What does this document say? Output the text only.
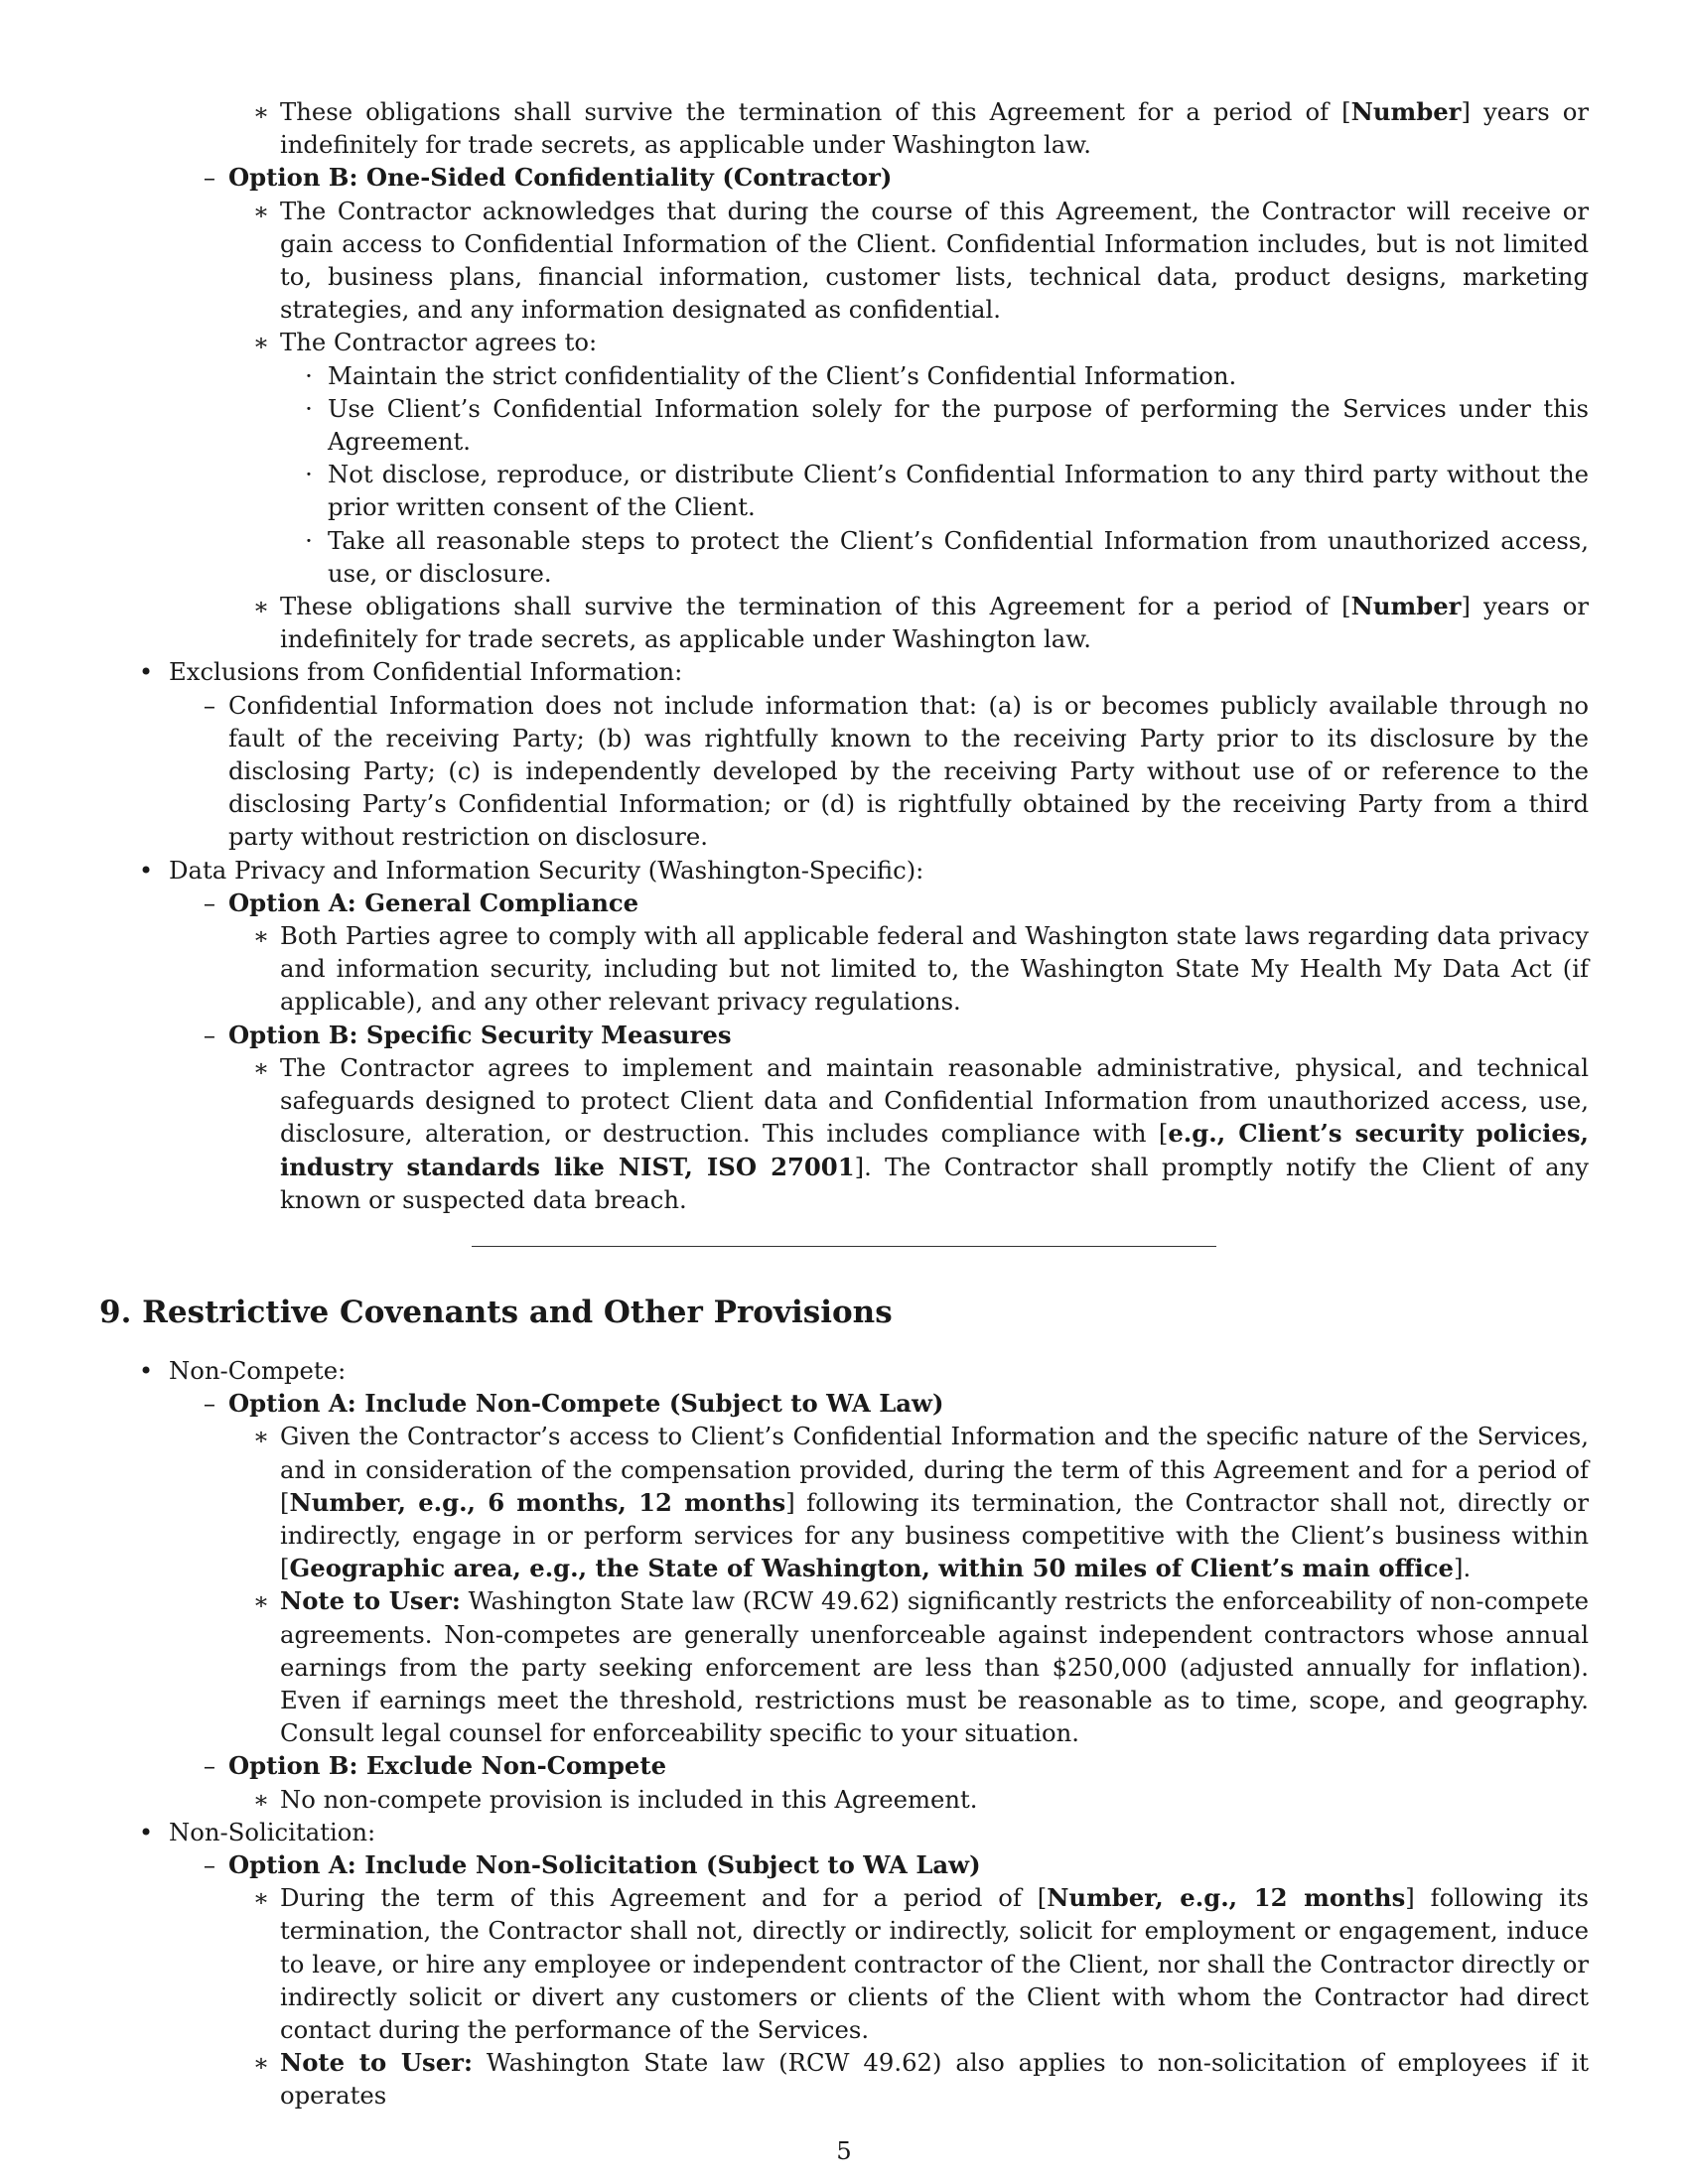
∗ These obligations shall survive the termination of this Agreement for a period of [Number] years or indefinitely for trade secrets, as applicable under Washington law.

– Option B: One-Sided Confidentiality (Contractor)

∗ The Contractor acknowledges that during the course of this Agreement, the Contractor will receive or gain access to Confidential Information of the Client. Confidential Information includes, but is not limited to, business plans, financial information, customer lists, technical data, product designs, marketing strategies, and any information designated as confidential.

∗ The Contractor agrees to:

· Maintain the strict confidentiality of the Client’s Confidential Information.

· Use Client’s Confidential Information solely for the purpose of performing the Services under this Agreement.

· Not disclose, reproduce, or distribute Client’s Confidential Information to any third party without the prior written consent of the Client.

· Take all reasonable steps to protect the Client’s Confidential Information from unauthorized access, use, or disclosure.

∗ These obligations shall survive the termination of this Agreement for a period of [Number] years or indefinitely for trade secrets, as applicable under Washington law.

• Exclusions from Confidential Information:

– Confidential Information does not include information that: (a) is or becomes publicly available through no fault of the receiving Party; (b) was rightfully known to the receiving Party prior to its disclosure by the disclosing Party; (c) is independently developed by the receiving Party without use of or reference to the disclosing Party’s Confidential Information; or (d) is rightfully obtained by the receiving Party from a third party without restriction on disclosure.

• Data Privacy and Information Security (Washington-Specific):

– Option A: General Compliance

∗ Both Parties agree to comply with all applicable federal and Washington state laws regarding data privacy and information security, including but not limited to, the Washington State My Health My Data Act (if applicable), and any other relevant privacy regulations.

– Option B: Specific Security Measures

∗ The Contractor agrees to implement and maintain reasonable administrative, physical, and technical safeguards designed to protect Client data and Confidential Information from unauthorized access, use, disclosure, alteration, or destruction. This includes compliance with [e.g., Client’s security policies, industry standards like NIST, ISO 27001]. The Contractor shall promptly notify the Client of any known or suspected data breach.

9. Restrictive Covenants and Other Provisions

• Non-Compete:

– Option A: Include Non-Compete (Subject to WA Law)

∗ Given the Contractor’s access to Client’s Confidential Information and the specific nature of the Services, and in consideration of the compensation provided, during the term of this Agreement and for a period of [Number, e.g., 6 months, 12 months] following its termination, the Contractor shall not, directly or indirectly, engage in or perform services for any business competitive with the Client’s business within [Geographic area, e.g., the State of Washington, within 50 miles of Client’s main office].

∗ Note to User: Washington State law (RCW 49.62) significantly restricts the enforceability of non-compete agreements. Non-competes are generally unenforceable against independent contractors whose annual earnings from the party seeking enforcement are less than $250,000 (adjusted annually for inflation). Even if earnings meet the threshold, restrictions must be reasonable as to time, scope, and geography. Consult legal counsel for enforceability specific to your situation.

– Option B: Exclude Non-Compete

∗ No non-compete provision is included in this Agreement.

• Non-Solicitation:

– Option A: Include Non-Solicitation (Subject to WA Law)

∗ During the term of this Agreement and for a period of [Number, e.g., 12 months] following its termination, the Contractor shall not, directly or indirectly, solicit for employment or engagement, induce to leave, or hire any employee or independent contractor of the Client, nor shall the Contractor directly or indirectly solicit or divert any customers or clients of the Client with whom the Contractor had direct contact during the performance of the Services.

∗ Note to User: Washington State law (RCW 49.62) also applies to non-solicitation of employees if it operates

5
